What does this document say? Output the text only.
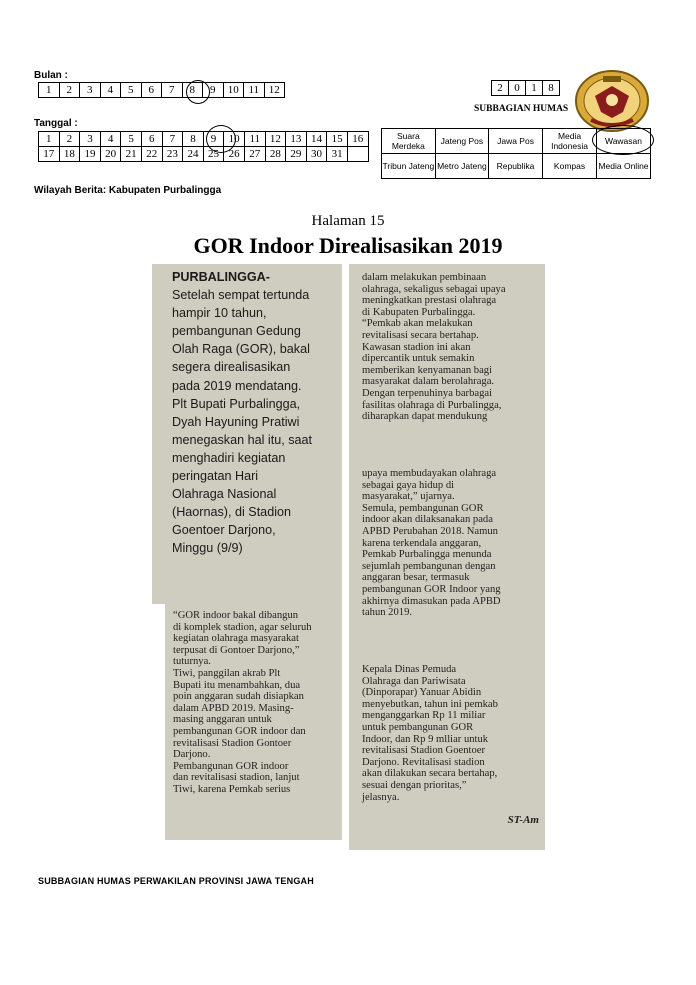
Bulan :
1	2	3	4	5	6	7	8	9	10	11	12
Tanggal :
1	2	3	4	5	6	7	8	9	10	11	12	13	14	15	16
17	18	19	20	21	22	23	24	25	26	27	28	29	30	31	
Wilayah Berita: Kabupaten Purbalingga
2	0	1	8
SUBBAGIAN HUMAS
Suara Merdeka	Jateng Pos	Jawa Pos	Media Indonesia	Wawasan
Tribun Jateng	Metro Jateng	Republika	Kompas	Media Online
Halaman 15
GOR Indoor Direalisasikan 2019

PURBALINGGA-

Setelah sempat tertunda

hampir 10 tahun,

pembangunan Gedung

Olah Raga (GOR), bakal

segera direalisasikan

pada 2019 mendatang.

Plt Bupati Purbalingga,

Dyah Hayuning Pratiwi

menegaskan hal itu, saat

menghadiri kegiatan

peringatan Hari

Olahraga Nasional

(Haornas), di Stadion

Goentoer Darjono,

Minggu (9/9)

“GOR indoor bakal dibangun

di komplek stadion, agar seluruh

kegiatan olahraga masyarakat

terpusat di Gontoer Darjono,”

tuturnya.

Tiwi, panggilan akrab Plt

Bupati itu menambahkan, dua

poin anggaran sudah disiapkan

dalam APBD 2019. Masing-

masing anggaran untuk

pembangunan GOR indoor dan

revitalisasi Stadion Gontoer

Darjono.

Pembangunan GOR indoor

dan revitalisasi stadion, lanjut

Tiwi, karena Pemkab serius

dalam melakukan pembinaan

olahraga, sekaligus sebagai upaya

meningkatkan prestasi olahraga

di Kabupaten Purbalingga.

“Pemkab akan melakukan

revitalisasi secara bertahap.

Kawasan stadion ini akan

dipercantik untuk semakin

memberikan kenyamanan bagi

masyarakat dalam berolahraga.

Dengan terpenuhinya barbagai

fasilitas olahraga di Purbalingga,

diharapkan dapat mendukung

upaya membudayakan olahraga

sebagai gaya hidup di

masyarakat,” ujarnya.

Semula, pembangunan GOR

indoor akan dilaksanakan pada

APBD Perubahan 2018. Namun

karena terkendala anggaran,

Pemkab Purbalingga menunda

sejumlah pembangunan dengan

anggaran besar, termasuk

pembangunan GOR Indoor yang

akhirnya dimasukan pada APBD

tahun 2019.

Kepala Dinas Pemuda

Olahraga dan Pariwisata

(Dinporapar) Yanuar Abidin

menyebutkan, tahun ini pemkab

menganggarkan Rp 11 miliar

untuk pembangunan GOR

Indoor, dan Rp 9 mlliar untuk

revitalisasi Stadion Goentoer

Darjono. Revitalisasi stadion

akan dilakukan secara bertahap,

sesuai dengan prioritas,”

jelasnya.

ST-Am
SUBBAGIAN HUMAS PERWAKILAN PROVINSI JAWA TENGAH
